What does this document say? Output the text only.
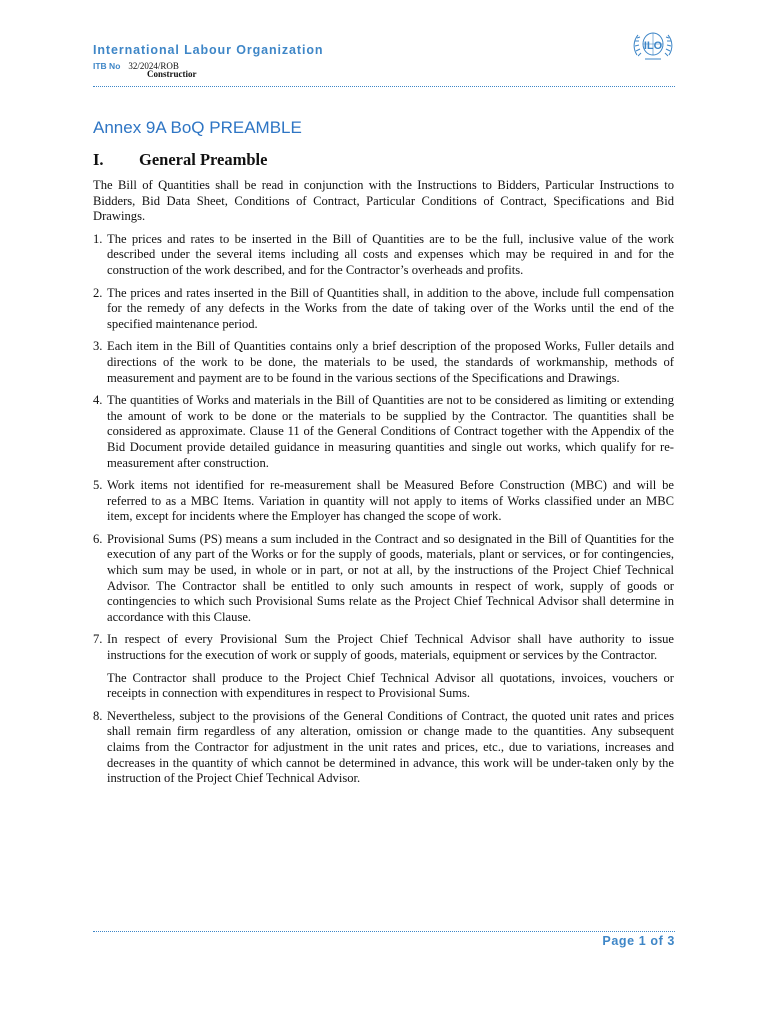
International Labour Organization
ITB No 32/2024/ROB
Constructior
ILO
Annex 9A BoQ PREAMBLE
I. General Preamble

The Bill of Quantities shall be read in conjunction with the Instructions to Bidders, Particular Instructions to Bidders, Bid Data Sheet, Conditions of Contract, Particular Conditions of Contract, Specifications and Bid Drawings.

1. The prices and rates to be inserted in the Bill of Quantities are to be the full, inclusive value of the work described under the several items including all costs and expenses which may be required in and for the construction of the work described, and for the Contractor’s overheads and profits.

2. The prices and rates inserted in the Bill of Quantities shall, in addition to the above, include full compensation for the remedy of any defects in the Works from the date of taking over of the Works until the end of the specified maintenance period.

3. Each item in the Bill of Quantities contains only a brief description of the proposed Works, Fuller details and directions of the work to be done, the materials to be used, the standards of workmanship, methods of measurement and payment are to be found in the various sections of the Specifications and Drawings.

4. The quantities of Works and materials in the Bill of Quantities are not to be considered as limiting or extending the amount of work to be done or the materials to be supplied by the Contractor. The quantities shall be considered as approximate. Clause 11 of the General Conditions of Contract together with the Appendix of the Bid Document provide detailed guidance in measuring quantities and single out works, which qualify for re-measurement after construction.

5. Work items not identified for re-measurement shall be Measured Before Construction (MBC) and will be referred to as a MBC Items. Variation in quantity will not apply to items of Works classified under an MBC item, except for incidents where the Employer has changed the scope of work.

6. Provisional Sums (PS) means a sum included in the Contract and so designated in the Bill of Quantities for the execution of any part of the Works or for the supply of goods, materials, plant or services, or for contingencies, which sum may be used, in whole or in part, or not at all, by the instructions of the Project Chief Technical Advisor. The Contractor shall be entitled to only such amounts in respect of work, supply of goods or contingencies to which such Provisional Sums relate as the Project Chief Technical Advisor shall determine in accordance with this Clause.

7. In respect of every Provisional Sum the Project Chief Technical Advisor shall have authority to issue instructions for the execution of work or supply of goods, materials, equipment or services by the Contractor.

The Contractor shall produce to the Project Chief Technical Advisor all quotations, invoices, vouchers or receipts in connection with expenditures in respect to Provisional Sums.

8. Nevertheless, subject to the provisions of the General Conditions of Contract, the quoted unit rates and prices shall remain firm regardless of any alteration, omission or change made to the quantities. Any subsequent claims from the Contractor for adjustment in the unit rates and prices, etc., due to variations, increases and decreases in the quantity of which cannot be determined in advance, this work will be under-taken only by the instruction of the Project Chief Technical Advisor.

Page 1 of 3
